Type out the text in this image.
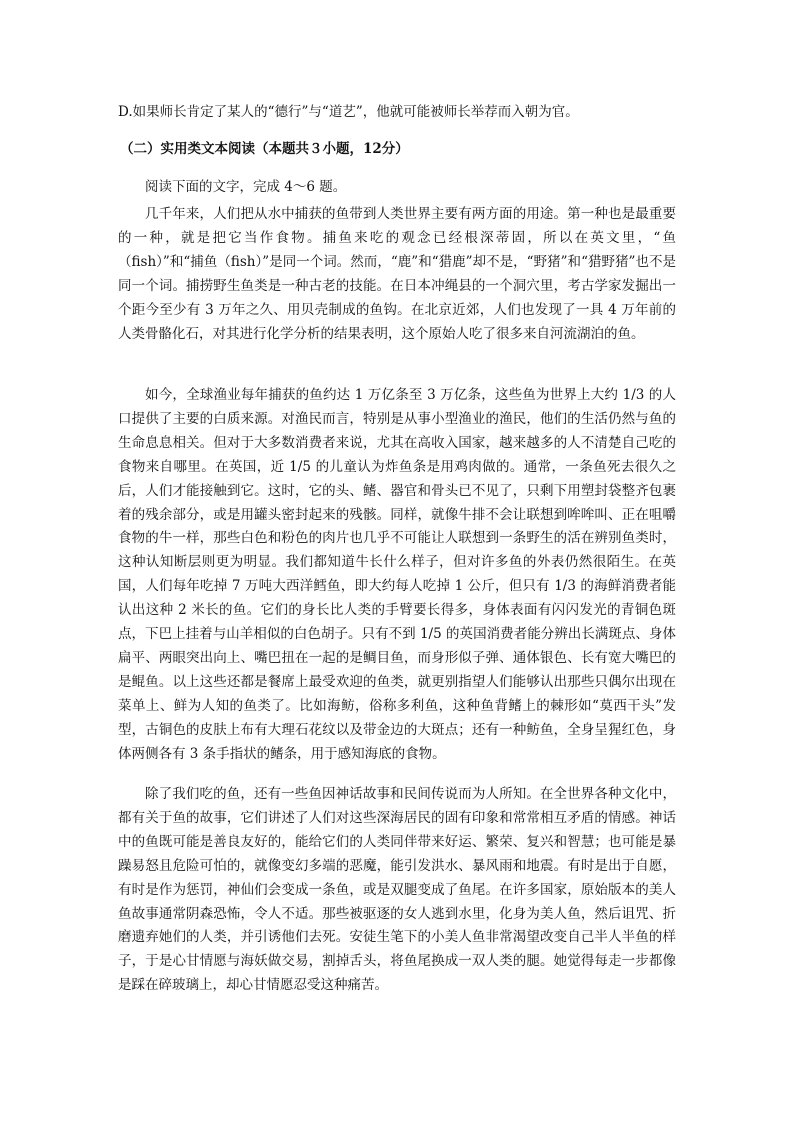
D.如果师长肯定了某人的“德行”与“道艺”，他就可能被师长举荐而入朝为官。
（二）实用类文本阅读（本题共３小题，12分）
阅读下面的文字，完成 4～6 题。

几千年来，人们把从水中捕获的鱼带到人类世界主要有两方面的用途。第一种也是最重要的一种，就是把它当作食物。捕鱼来吃的观念已经根深蒂固，所以在英文里，“鱼（fish）”和“捕鱼（fish）”是同一个词。然而，“鹿”和“猎鹿”却不是，“野猪”和“猎野猪”也不是同一个词。捕捞野生鱼类是一种古老的技能。在日本冲绳县的一个洞穴里，考古学家发掘出一个距今至少有 3 万年之久、用贝壳制成的鱼钩。在北京近郊，人们也发现了一具 4 万年前的人类骨骼化石，对其进行化学分析的结果表明，这个原始人吃了很多来自河流湖泊的鱼。

如今，全球渔业每年捕获的鱼约达 1 万亿条至 3 万亿条，这些鱼为世界上大约 1/3 的人口提供了主要的白质来源。对渔民而言，特别是从事小型渔业的渔民，他们的生活仍然与鱼的生命息息相关。但对于大多数消费者来说，尤其在高收入国家，越来越多的人不清楚自己吃的食物来自哪里。在英国，近 1/5 的儿童认为炸鱼条是用鸡肉做的。通常，一条鱼死去很久之后，人们才能接触到它。这时，它的头、鳍、器官和骨头已不见了，只剩下用塑封袋整齐包裹着的残余部分，或是用罐头密封起来的残骸。同样，就像牛排不会让联想到哞哞叫、正在咀嚼食物的牛一样，那些白色和粉色的肉片也几乎不可能让人联想到一条野生的活在辨别鱼类时，这种认知断层则更为明显。我们都知道牛长什么样子，但对许多鱼的外表仍然很陌生。在英国，人们每年吃掉 7 万吨大西洋鳕鱼，即大约每人吃掉 1 公斤，但只有 1/3 的海鲜消费者能认出这种 2 米长的鱼。它们的身长比人类的手臂要长得多，身体表面有闪闪发光的青铜色斑点，下巴上挂着与山羊相似的白色胡子。只有不到 1/5 的英国消费者能分辨出长满斑点、身体扁平、两眼突出向上、嘴巴扭在一起的是鲷目鱼，而身形似子弹、通体银色、长有宽大嘴巴的是鲲鱼。以上这些还都是餐席上最受欢迎的鱼类，就更别指望人们能够认出那些只偶尔出现在菜单上、鲜为人知的鱼类了。比如海鲂，俗称多利鱼，这种鱼背鳍上的棘形如“莫西干头”发型，古铜色的皮肤上布有大理石花纹以及带金边的大斑点；还有一种鲂鱼，全身呈猩红色，身体两侧各有 3 条手指状的鳍条，用于感知海底的食物。

除了我们吃的鱼，还有一些鱼因神话故事和民间传说而为人所知。在全世界各种文化中，都有关于鱼的故事，它们讲述了人们对这些深海居民的固有印象和常常相互矛盾的情感。神话中的鱼既可能是善良友好的，能给它们的人类同伴带来好运、繁荣、复兴和智慧；也可能是暴躁易怒且危险可怕的，就像变幻多端的恶魔，能引发洪水、暴风雨和地震。有时是出于自愿，有时是作为惩罚，神仙们会变成一条鱼，或是双腿变成了鱼尾。在许多国家，原始版本的美人鱼故事通常阴森恐怖，令人不适。那些被驱逐的女人逃到水里，化身为美人鱼，然后诅咒、折磨遗弃她们的人类，并引诱他们去死。安徒生笔下的小美人鱼非常渴望改变自己半人半鱼的样子，于是心甘情愿与海妖做交易，割掉舌头，将鱼尾换成一双人类的腿。她觉得每走一步都像是踩在碎玻璃上，却心甘情愿忍受这种痛苦。
